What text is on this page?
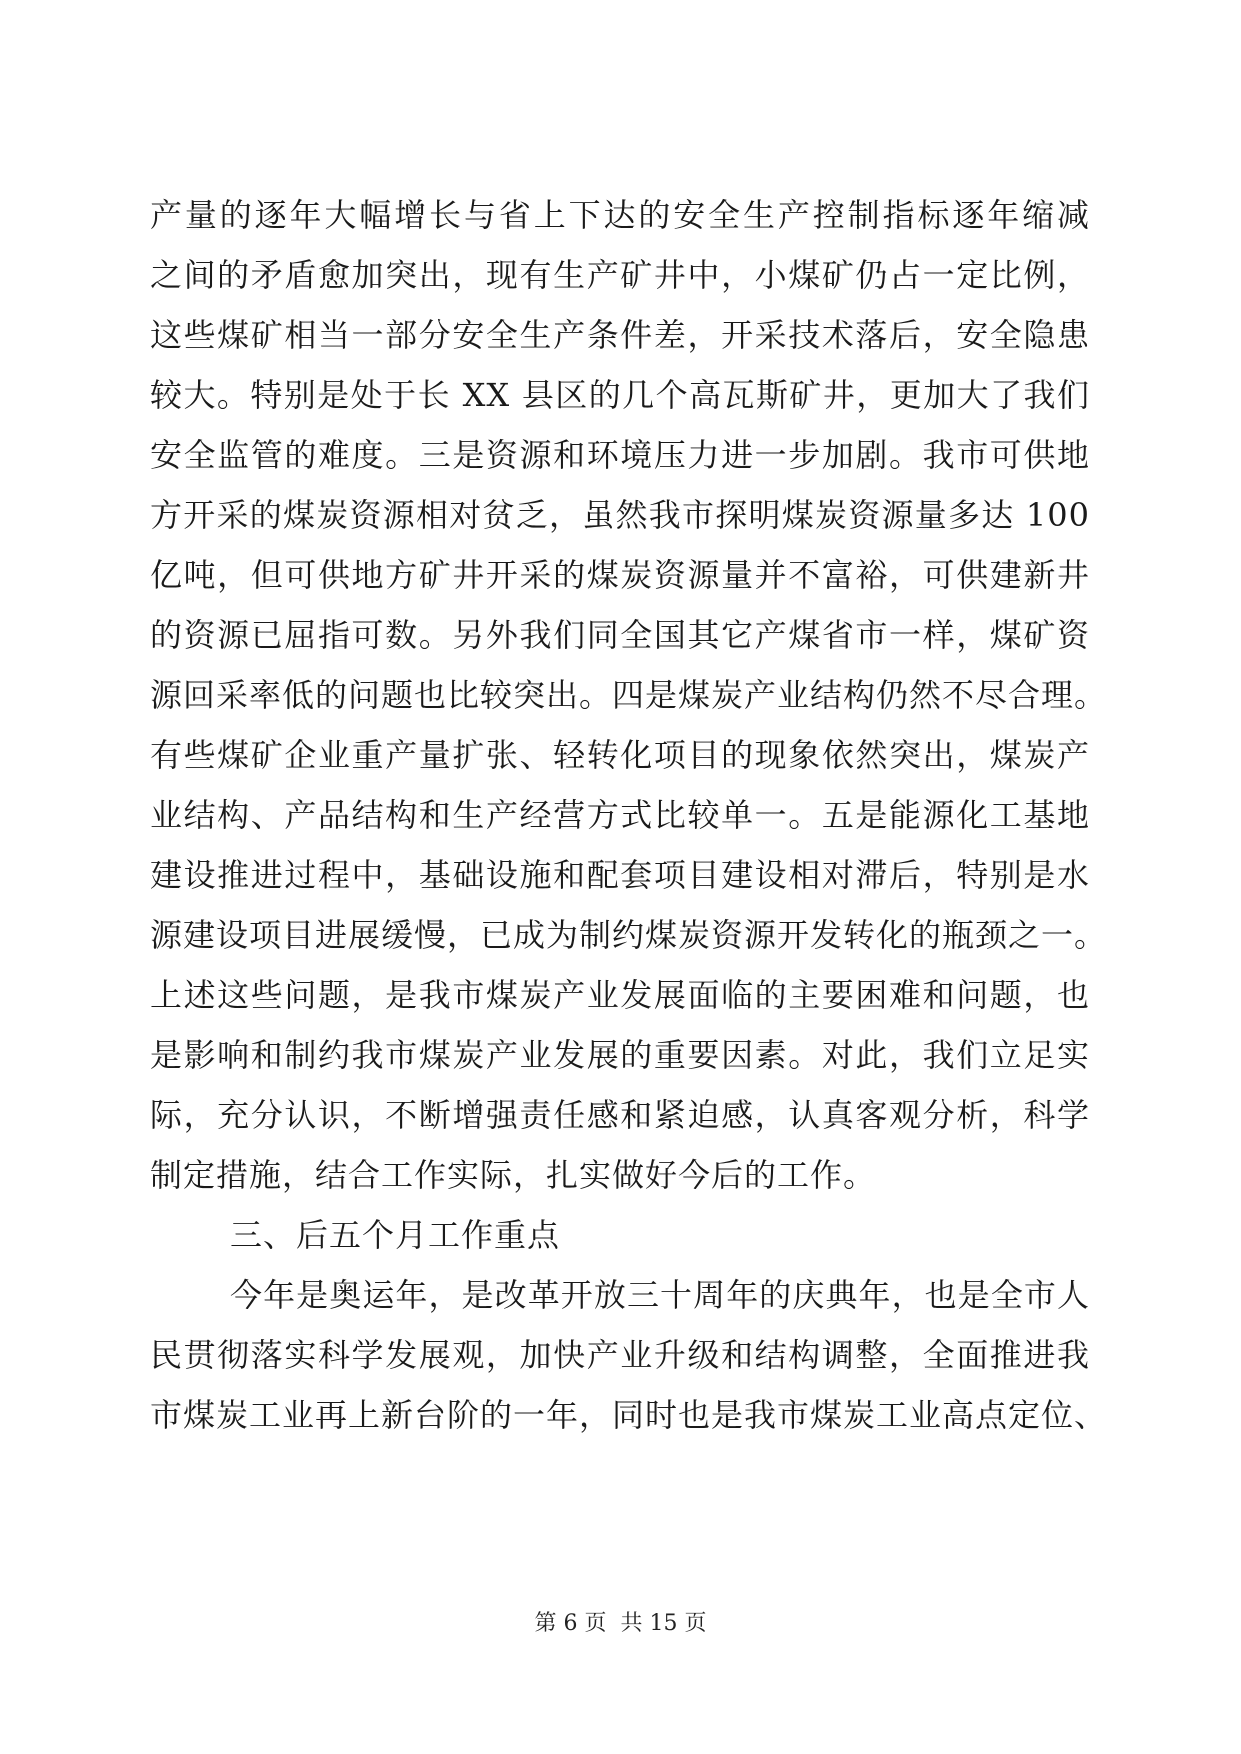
产量的逐年大幅增长与省上下达的安全生产控制指标逐年缩减
之间的矛盾愈加突出，现有生产矿井中，小煤矿仍占一定比例，
这些煤矿相当一部分安全生产条件差，开采技术落后，安全隐患
较大。特别是处于长 XX 县区的几个高瓦斯矿井，更加大了我们
安全监管的难度。三是资源和环境压力进一步加剧。我市可供地
方开采的煤炭资源相对贫乏，虽然我市探明煤炭资源量多达 100
亿吨，但可供地方矿井开采的煤炭资源量并不富裕，可供建新井
的资源已屈指可数。另外我们同全国其它产煤省市一样，煤矿资
源回采率低的问题也比较突出。四是煤炭产业结构仍然不尽合理。
有些煤矿企业重产量扩张、轻转化项目的现象依然突出，煤炭产
业结构、产品结构和生产经营方式比较单一。五是能源化工基地
建设推进过程中，基础设施和配套项目建设相对滞后，特别是水
源建设项目进展缓慢，已成为制约煤炭资源开发转化的瓶颈之一。
上述这些问题，是我市煤炭产业发展面临的主要困难和问题，也
是影响和制约我市煤炭产业发展的重要因素。对此，我们立足实
际，充分认识，不断增强责任感和紧迫感，认真客观分析，科学
制定措施，结合工作实际，扎实做好今后的工作。
三、后五个月工作重点
今年是奥运年，是改革开放三十周年的庆典年，也是全市人
民贯彻落实科学发展观，加快产业升级和结构调整，全面推进我
市煤炭工业再上新台阶的一年，同时也是我市煤炭工业高点定位、
第 6 页  共 15 页
